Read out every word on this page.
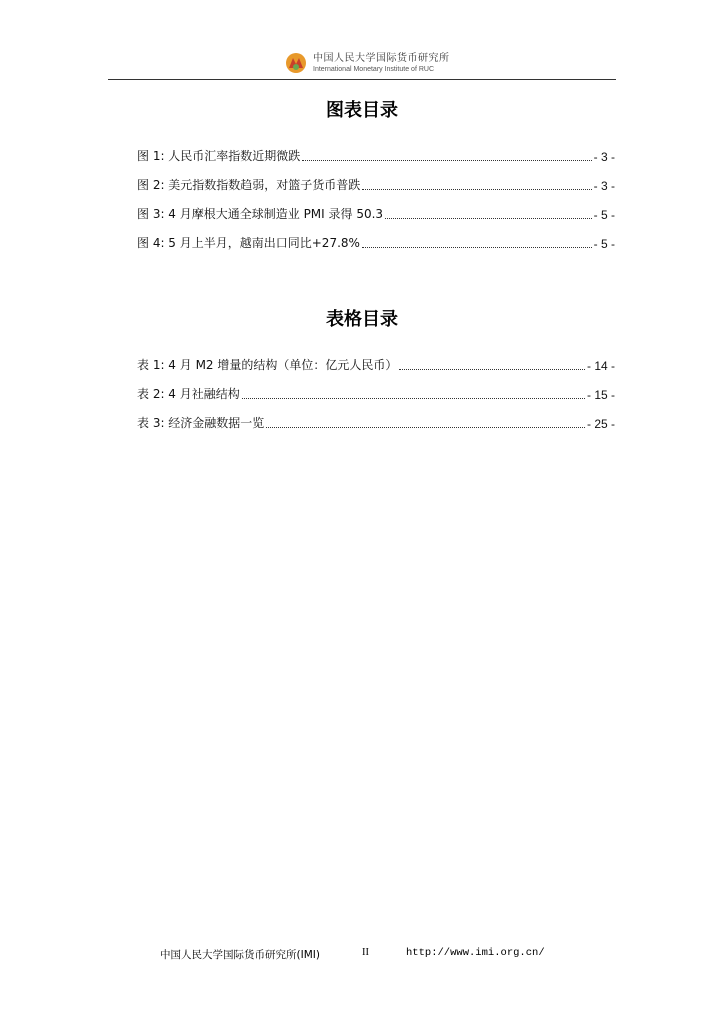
中国人民大学国际货币研究所
International Monetary Institute of RUC
图表目录
图 1: 人民币汇率指数近期微跌	- 3 -
图 2: 美元指数指数趋弱，对篮子货币普跌	- 3 -
图 3: 4 月摩根大通全球制造业 PMI 录得 50.3	- 5 -
图 4: 5 月上半月，越南出口同比+27.8%	- 5 -
表格目录
表 1: 4 月 M2 增量的结构（单位：亿元人民币）	- 14 -
表 2: 4 月社融结构	- 15 -
表 3: 经济金融数据一览	- 25 -
中国人民大学国际货币研究所(IMI)	II	http://www.imi.org.cn/
